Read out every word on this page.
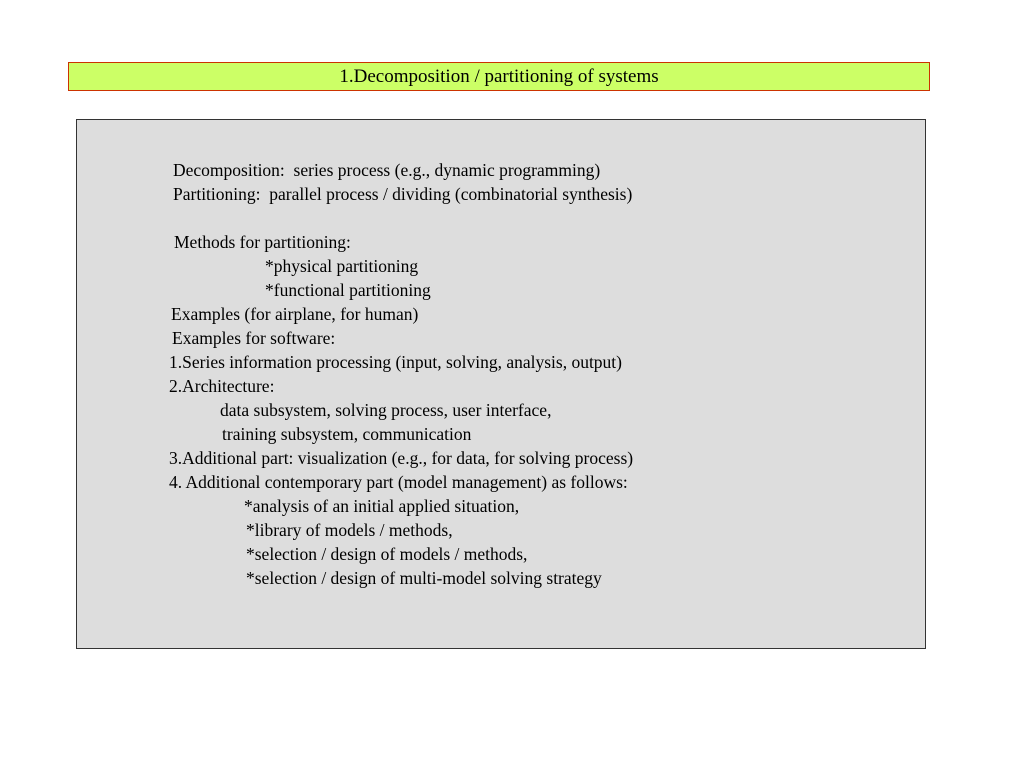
1.Decomposition / partitioning of systems
Decomposition:  series process (e.g., dynamic programming)
Partitioning:  parallel process / dividing (combinatorial synthesis)
Methods for partitioning:
*physical partitioning
*functional partitioning
Examples (for airplane, for human)
Examples for software:
1.Series information processing (input, solving, analysis, output)
2.Architecture:
data subsystem, solving process, user interface,
training subsystem, communication
3.Additional part: visualization (e.g., for data, for solving process)
4. Additional contemporary part (model management) as follows:
*analysis of an initial applied situation,
*library of models / methods,
*selection / design of models / methods,
*selection / design of multi-model solving strategy
